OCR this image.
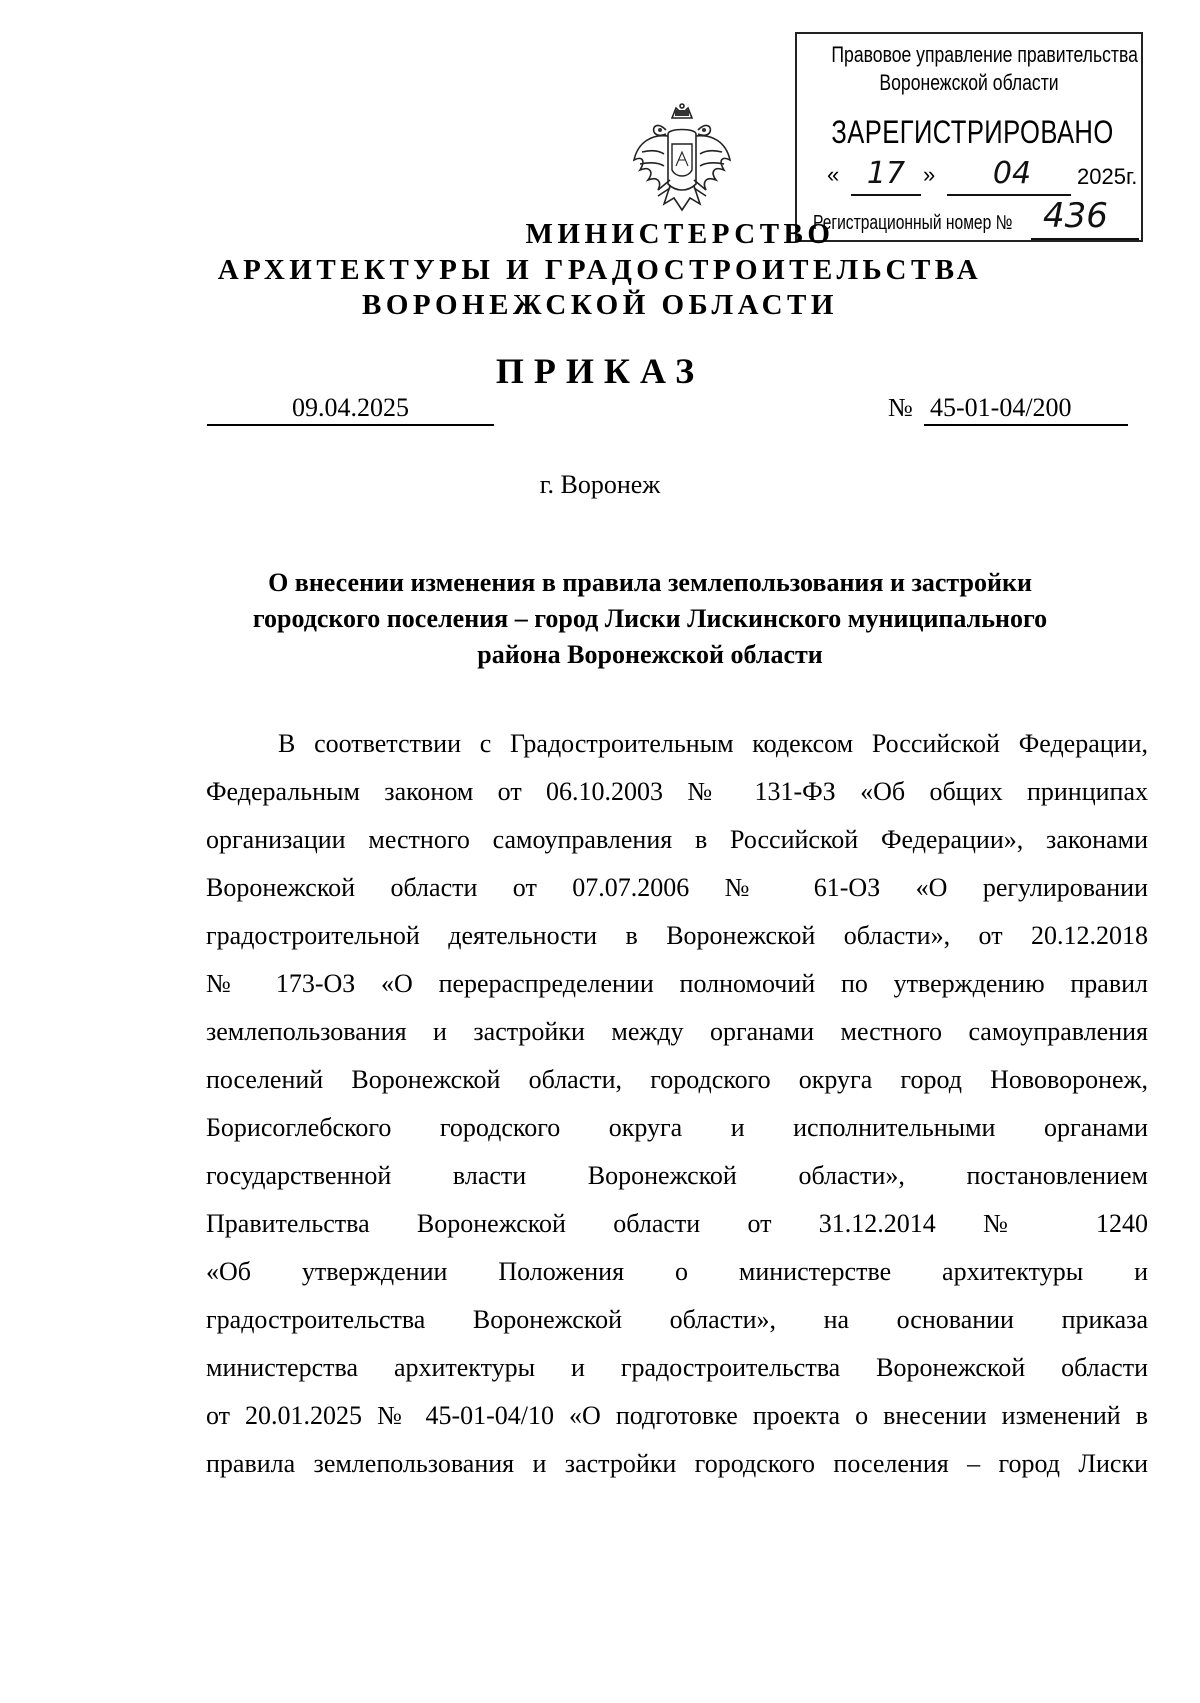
Правовое управление правительства
Воронежской области
ЗАРЕГИСТРИРОВАНО
« 17 »	04	2025г.
Регистрационный номер № 436
МИНИСТЕРСТВО
АРХИТЕКТУРЫ И ГРАДОСТРОИТЕЛЬСТВА
ВОРОНЕЖСКОЙ ОБЛАСТИ
ПРИКАЗ
09.04.2025	№ 45-01-04/200
г. Воронеж
О внесении изменения в правила землепользования и застройки
городского поселения – город Лиски Лискинского муниципального
района Воронежской области
В соответствии с Градостроительным кодексом Российской Федерации,
Федеральным законом от 06.10.2003 № 131-ФЗ «Об общих принципах
организации местного самоуправления в Российской Федерации», законами
Воронежской области от 07.07.2006 № 61-ОЗ «О регулировании
градостроительной деятельности в Воронежской области», от 20.12.2018
№ 173-ОЗ «О перераспределении полномочий по утверждению правил
землепользования и застройки между органами местного самоуправления
поселений Воронежской области, городского округа город Нововоронеж,
Борисоглебского городского округа и исполнительными органами
государственной власти Воронежской области», постановлением
Правительства Воронежской области от 31.12.2014 № 1240
«Об утверждении Положения о министерстве архитектуры и
градостроительства Воронежской области», на основании приказа
министерства архитектуры и градостроительства Воронежской области
от 20.01.2025 № 45-01-04/10 «О подготовке проекта о внесении изменений в
правила землепользования и застройки городского поселения – город Лиски
